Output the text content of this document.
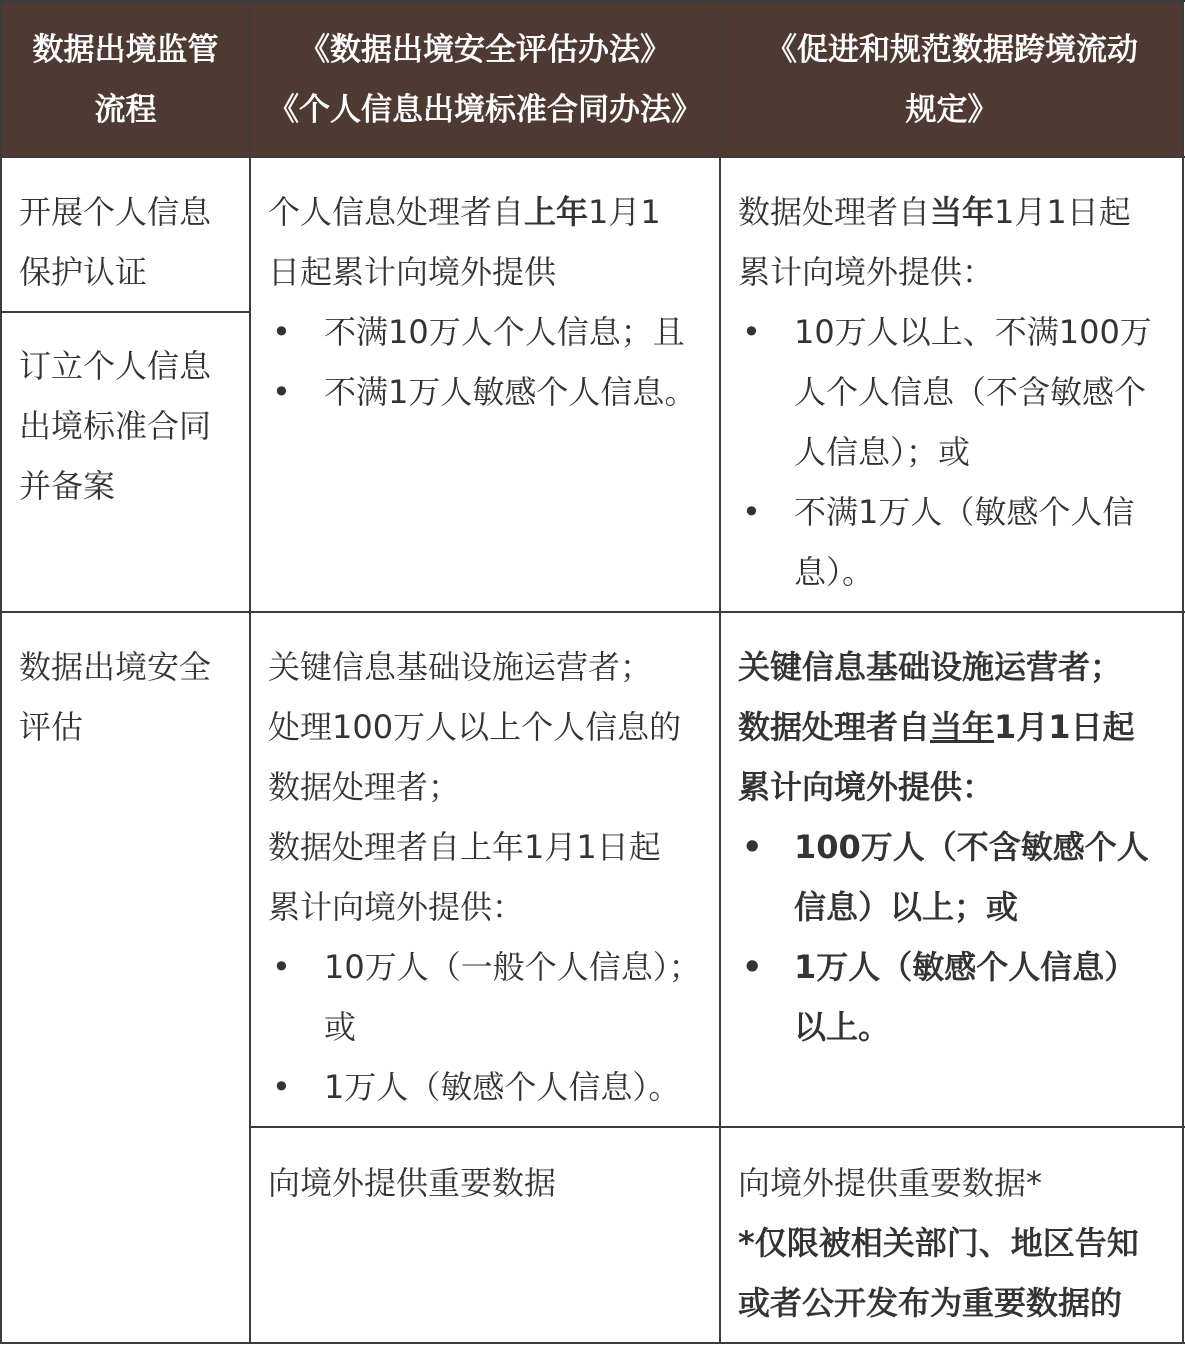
数据出境监管
流程
《数据出境安全评估办法》
《个人信息出境标准合同办法》
《促进和规范数据跨境流动
规定》

开展个人信息

保护认证

订立个人信息

出境标准合同

并备案

个人信息处理者自上年1月1

日起累计向境外提供

• 不满10万人个人信息；且

• 不满1万人敏感个人信息。

数据处理者自当年1月1日起

累计向境外提供：

• 10万人以上、不满100万

人个人信息（不含敏感个

人信息）；或

• 不满1万人（敏感个人信

息）。

数据出境安全

评估

关键信息基础设施运营者；

处理100万人以上个人信息的

数据处理者；

数据处理者自上年1月1日起

累计向境外提供：

• 10万人（一般个人信息）；

或

• 1万人（敏感个人信息）。

关键信息基础设施运营者；

数据处理者自当年1月1日起

累计向境外提供：

• 100万人（不含敏感个人

信息）以上；或

• 1万人（敏感个人信息）

以上。

向境外提供重要数据	向境外提供重要数据*

*仅限被相关部门、地区告知

或者公开发布为重要数据的
